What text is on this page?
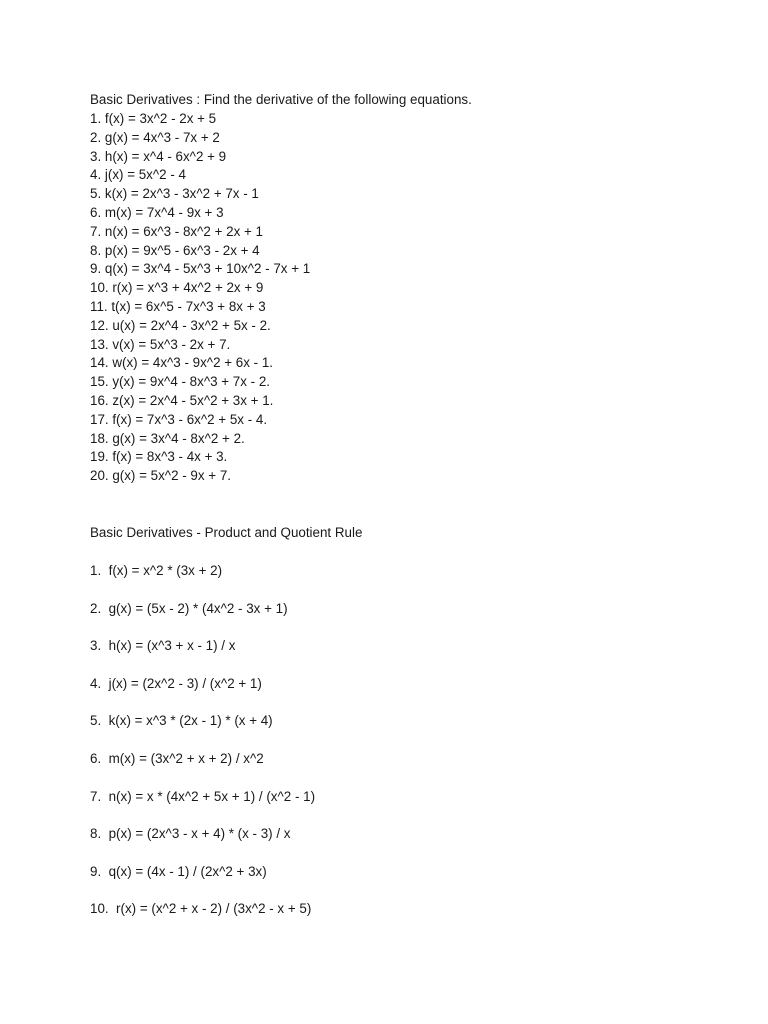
Basic Derivatives : Find the derivative of the following equations.
1. f(x) = 3x^2 - 2x + 5
2. g(x) = 4x^3 - 7x + 2
3. h(x) = x^4 - 6x^2 + 9
4. j(x) = 5x^2 - 4
5. k(x) = 2x^3 - 3x^2 + 7x - 1
6. m(x) = 7x^4 - 9x + 3
7. n(x) = 6x^3 - 8x^2 + 2x + 1
8. p(x) = 9x^5 - 6x^3 - 2x + 4
9. q(x) = 3x^4 - 5x^3 + 10x^2 - 7x + 1
10. r(x) = x^3 + 4x^2 + 2x + 9
11. t(x) = 6x^5 - 7x^3 + 8x + 3
12. u(x) = 2x^4 - 3x^2 + 5x - 2.
13. v(x) = 5x^3 - 2x + 7.
14. w(x) = 4x^3 - 9x^2 + 6x - 1.
15. y(x) = 9x^4 - 8x^3 + 7x - 2.
16. z(x) = 2x^4 - 5x^2 + 3x + 1.
17. f(x) = 7x^3 - 6x^2 + 5x - 4.
18. g(x) = 3x^4 - 8x^2 + 2.
19. f(x) = 8x^3 - 4x + 3.
20. g(x) = 5x^2 - 9x + 7.
Basic Derivatives - Product and Quotient Rule
1.  f(x) = x^2 * (3x + 2)
2.  g(x) = (5x - 2) * (4x^2 - 3x + 1)
3.  h(x) = (x^3 + x - 1) / x
4.  j(x) = (2x^2 - 3) / (x^2 + 1)
5.  k(x) = x^3 * (2x - 1) * (x + 4)
6.  m(x) = (3x^2 + x + 2) / x^2
7.  n(x) = x * (4x^2 + 5x + 1) / (x^2 - 1)
8.  p(x) = (2x^3 - x + 4) * (x - 3) / x
9.  q(x) = (4x - 1) / (2x^2 + 3x)
10.  r(x) = (x^2 + x - 2) / (3x^2 - x + 5)
